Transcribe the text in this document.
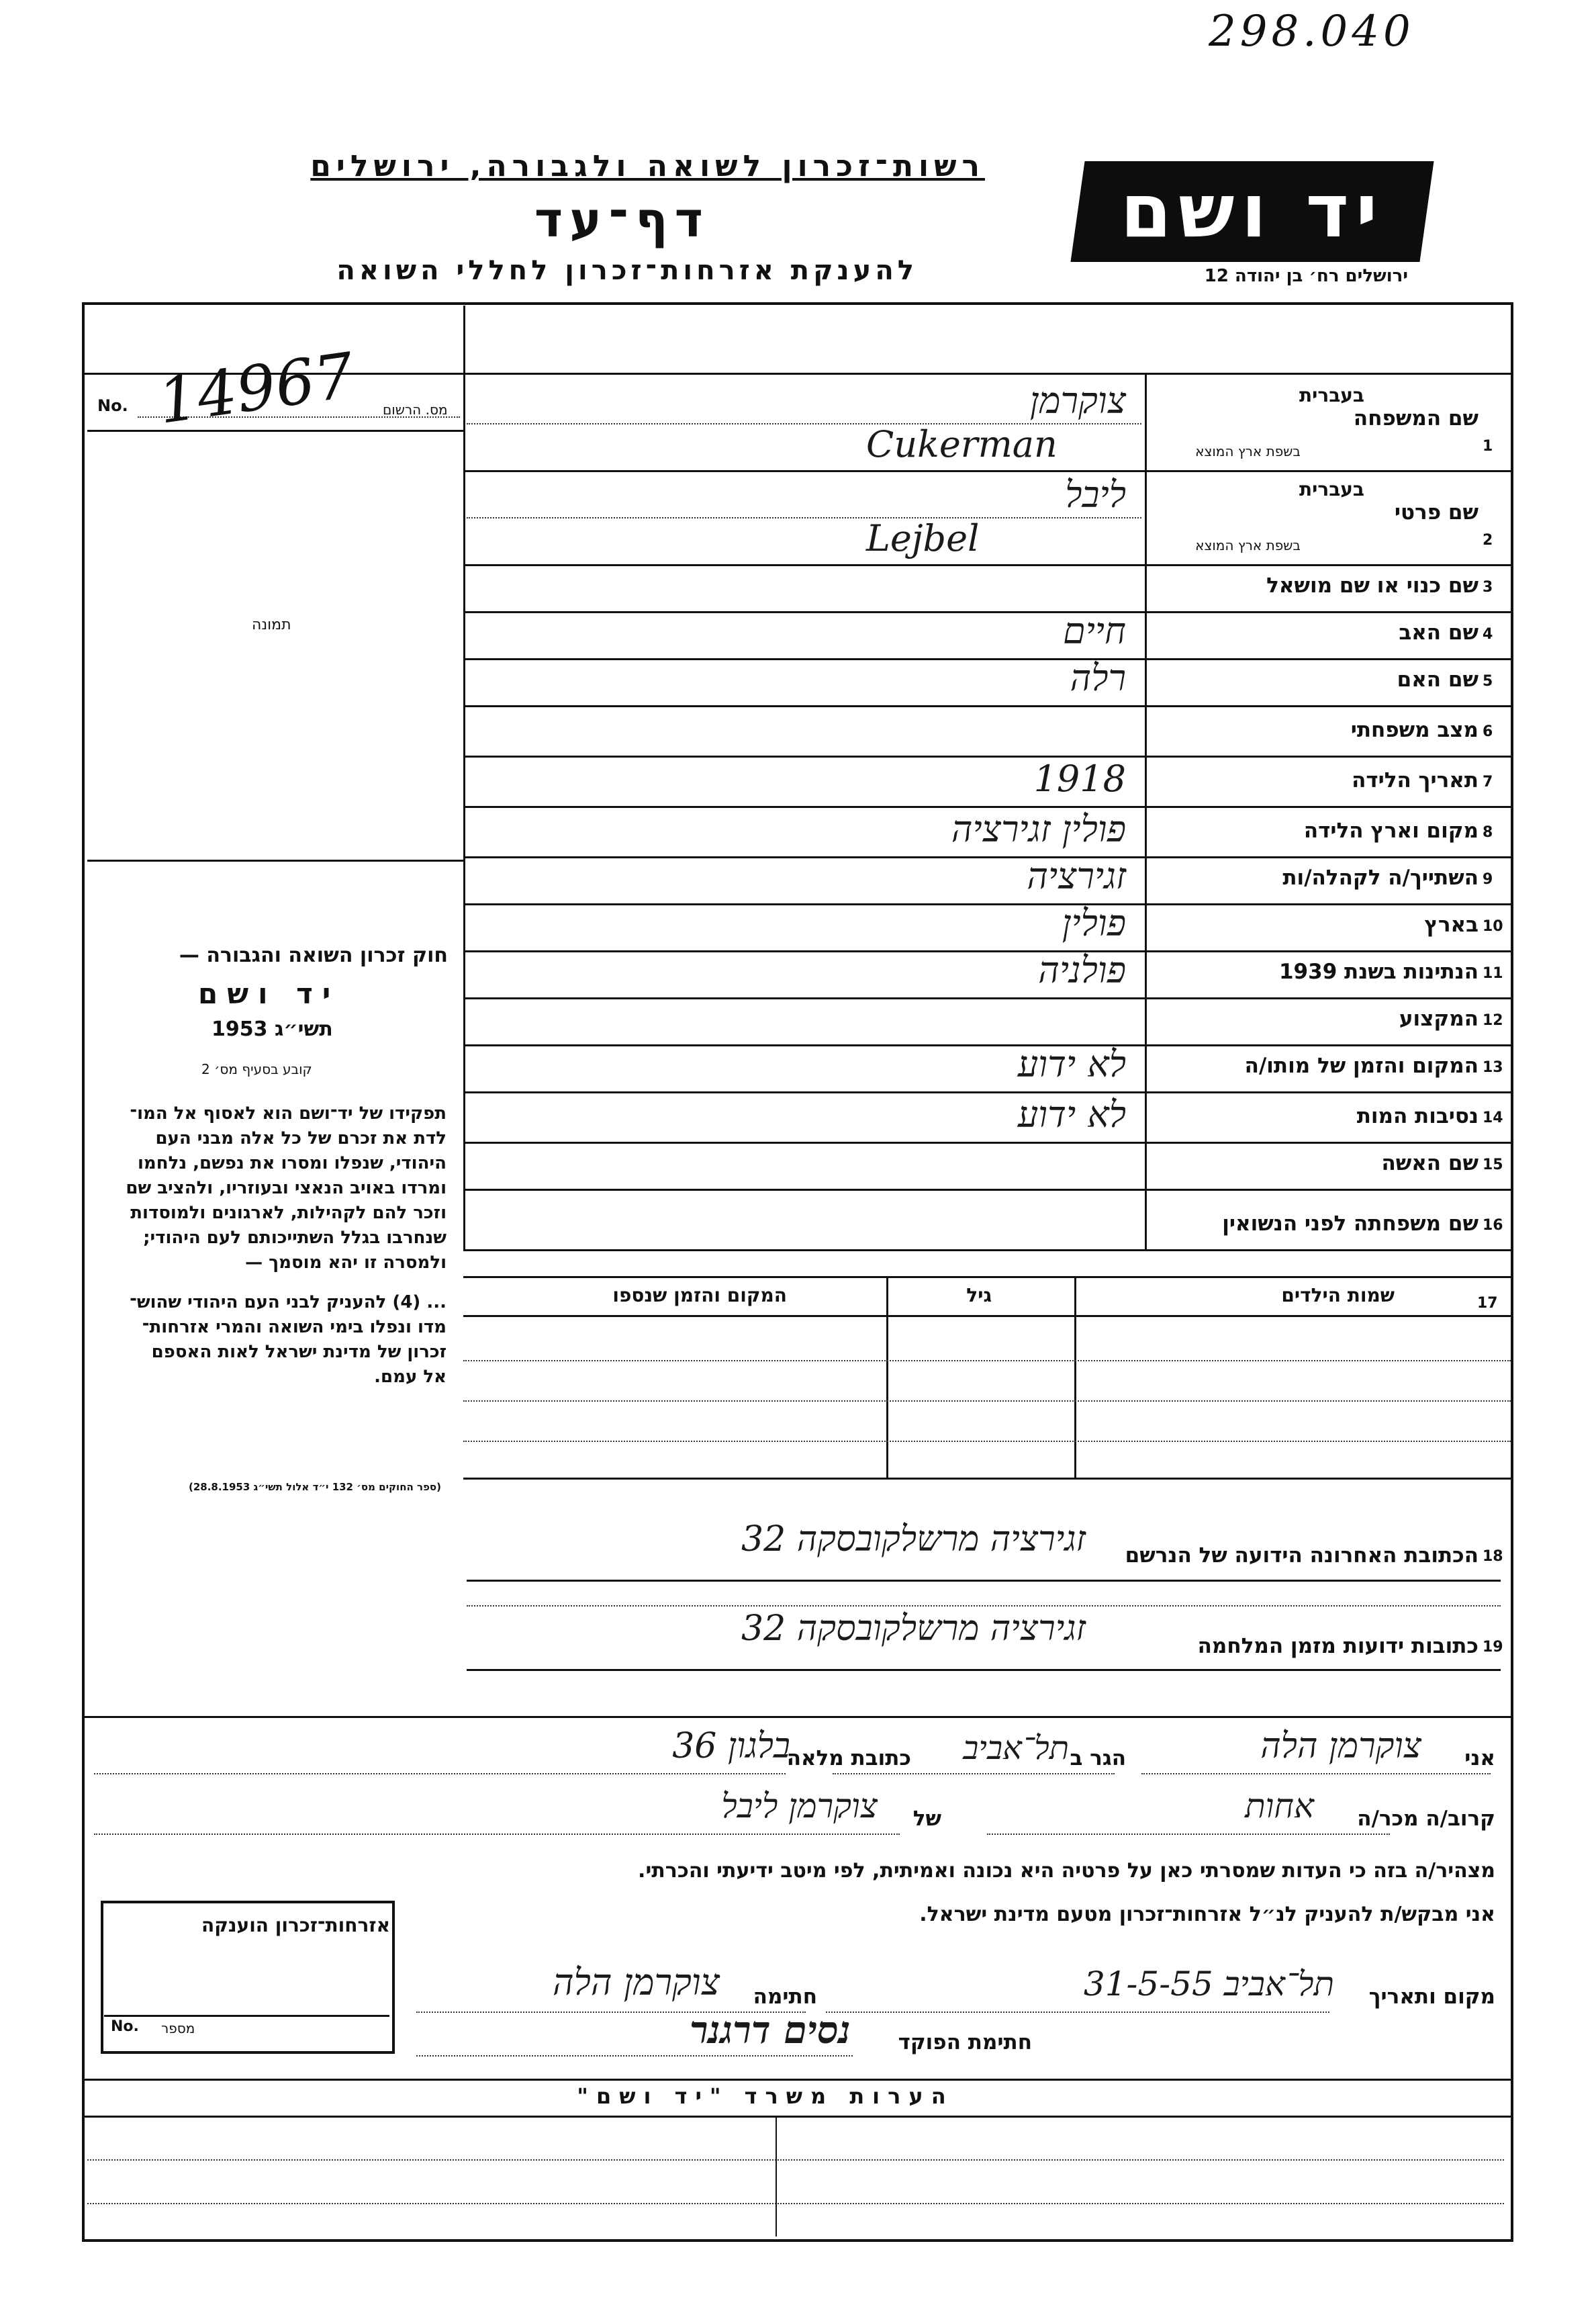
298.040
רשות־זכרון לשואה ולגבורה, ירושלים
דף־עד
להענקת אזרחות־זכרון לחללי השואה
יד ושם
ירושלים רח׳ בן יהודה 12
No.	מס. הרשום
14967
תמונה
חוק זכרון השואה והגבורה —
יד ושם
תשי״ג 1953
קובע בסעיף מס׳ 2
תפקידו של יד־ושם הוא לאסוף אל המו־
לדת את זכרם של כל אלה מבני העם
היהודי, שנפלו ומסרו את נפשם, נלחמו
ומרדו באויב הנאצי ובעוזריו, ולהציב שם
וזכר להם לקהילות, לארגונים ולמוסדות
שנחרבו בגלל השתייכותם לעם היהודי;
ולמסרה זו יהא מוסמך —
... (4) להעניק לבני העם היהודי שהוש־
מדו ונפלו בימי השואה והמרי אזרחות־
זכרון של מדינת ישראל לאות האספם
אל עמם.
(ספר החוקים מס׳ 132 י״ד אלול תשי״ג 28.8.1953)
1
שם המשפחה
בעברית
בשפת ארץ המוצא
צוקרמן
Cukerman
2
שם פרטי
בעברית
בשפת ארץ המוצא
ליבל
Lejbel
3
שם כנוי או שם מושאל
4
שם האב
חיים
5
שם האם
רלה
6
מצב משפחתי
7
תאריך הלידה
1918
8
מקום וארץ הלידה
פולין זגירציה
9
השתייך/ה לקהלה/ות
זגירציה
10
בארץ
פולין
11
הנתינות בשנת 1939
פולניה
12
המקצוע
13
המקום והזמן של מותו/ה
לא ידוע
14
נסיבות המות
לא ידוע
15
שם האשה
16
שם משפחתה לפני הנשואין
17
שמות הילדים
גיל
המקום והזמן שנספו
18
הכתובת האחרונה הידועה של הנרשם
זגירציה מרשלקובסקה 32
19
כתובות ידועות מזמן המלחמה
זגירציה מרשלקובסקה 32
אני
צוקרמן הלה
הגר ב
תל־אביב
כתובת מלאה
בלגון 36
קרוב/ה מכר/ה
אחות
של
צוקרמן ליבל
מצהיר/ה בזה כי העדות שמסרתי כאן על פרטיה היא נכונה ואמיתית, לפי מיטב ידיעתי והכרתי.
אני מבקש/ת להעניק לנ״ל אזרחות־זכרון מטעם מדינת ישראל.
מקום ותאריך
תל־אביב 31-5-55
חתימה
צוקרמן הלה
חתימת הפוקד
נסים דרגנר
אזרחות־זכרון הוענקה
No. מספר
הערות משרד "יד ושם"
